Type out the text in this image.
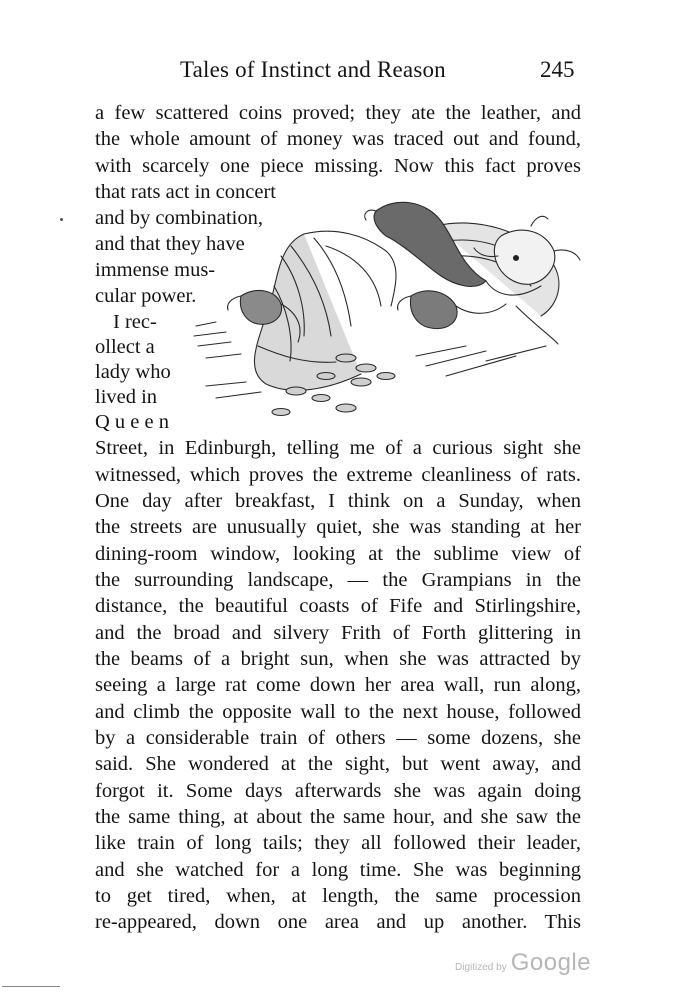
Tales of Instinct and Reason	245
a few scattered coins proved; they ate the leather, and
the whole amount of money was traced out and found,
with scarcely one piece missing. Now this fact proves
that rats act in concert
and by combination,
and that they have
immense mus-
cular power.
I rec-
ollect a
lady who
lived in
Q u e e n
Street, in Edinburgh, telling me of a curious sight she
witnessed, which proves the extreme cleanliness of rats.
One day after breakfast, I think on a Sunday, when
the streets are unusually quiet, she was standing at her
dining-room window, looking at the sublime view of
the surrounding landscape, — the Grampians in the
distance, the beautiful coasts of Fife and Stirlingshire,
and the broad and silvery Frith of Forth glittering in
the beams of a bright sun, when she was attracted by
seeing a large rat come down her area wall, run along,
and climb the opposite wall to the next house, followed
by a considerable train of others — some dozens, she
said. She wondered at the sight, but went away, and
forgot it. Some days afterwards she was again doing
the same thing, at about the same hour, and she saw the
like train of long tails; they all followed their leader,
and she watched for a long time. She was beginning
to get tired, when, at length, the same procession
re-appeared, down one area and up another. This
Digitized by Google
